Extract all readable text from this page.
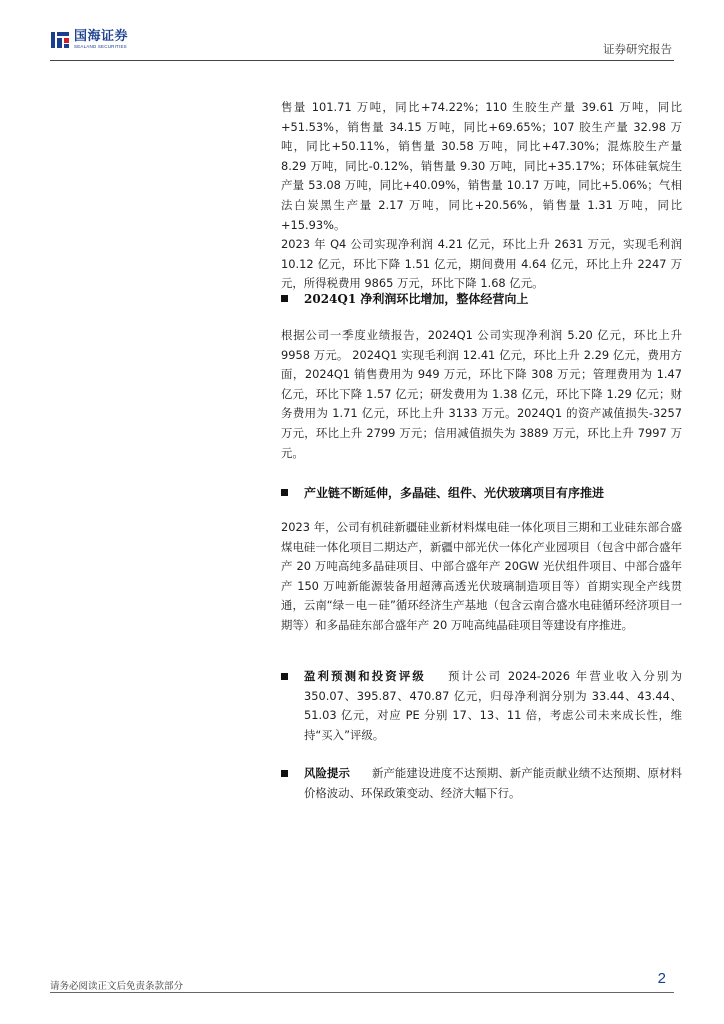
国海证券
SEALAND SECURITIES	证券研究报告

售量 101.71 万吨，同比+74.22%；110 生胶生产量 39.61 万吨，同比+51.53%，销售量 34.15 万吨，同比+69.65%；107 胶生产量 32.98 万吨，同比+50.11%，销售量 30.58 万吨，同比+47.30%；混炼胶生产量 8.29 万吨，同比-0.12%，销售量 9.30 万吨，同比+35.17%；环体硅氧烷生产量 53.08 万吨，同比+40.09%，销售量 10.17 万吨，同比+5.06%；气相法白炭黑生产量 2.17 万吨，同比+20.56%，销售量 1.31 万吨，同比+15.93%。

2023 年 Q4 公司实现净利润 4.21 亿元，环比上升 2631 万元，实现毛利润 10.12 亿元，环比下降 1.51 亿元，期间费用 4.64 亿元，环比上升 2247 万元，所得税费用 9865 万元，环比下降 1.68 亿元。

2024Q1 净利润环比增加，整体经营向上

根据公司一季度业绩报告，2024Q1 公司实现净利润 5.20 亿元，环比上升 9958 万元。 2024Q1 实现毛利润 12.41 亿元，环比上升 2.29 亿元，费用方面，2024Q1 销售费用为 949 万元，环比下降 308 万元；管理费用为 1.47 亿元，环比下降 1.57 亿元；研发费用为 1.38 亿元，环比下降 1.29 亿元；财务费用为 1.71 亿元，环比上升 3133 万元。2024Q1 的资产减值损失-3257 万元，环比上升 2799 万元；信用减值损失为 3889 万元，环比上升 7997 万元。

产业链不断延伸，多晶硅、组件、光伏玻璃项目有序推进

2023 年，公司有机硅新疆硅业新材料煤电硅一体化项目三期和工业硅东部合盛煤电硅一体化项目二期达产，新疆中部光伏一体化产业园项目（包含中部合盛年产 20 万吨高纯多晶硅项目、中部合盛年产 20GW 光伏组件项目、中部合盛年产 150 万吨新能源装备用超薄高透光伏玻璃制造项目等）首期实现全产线贯通，云南“绿－电－硅”循环经济生产基地（包含云南合盛水电硅循环经济项目一期等）和多晶硅东部合盛年产 20 万吨高纯晶硅项目等建设有序推进。

盈利预测和投资评级 预计公司 2024-2026 年营业收入分别为 350.07、395.87、470.87 亿元，归母净利润分别为 33.44、43.44、51.03 亿元，对应 PE 分别 17、13、11 倍，考虑公司未来成长性，维持“买入”评级。
风险提示 新产能建设进度不达预期、新产能贡献业绩不达预期、原材料价格波动、环保政策变动、经济大幅下行。
请务必阅读正文后免责条款部分	2
